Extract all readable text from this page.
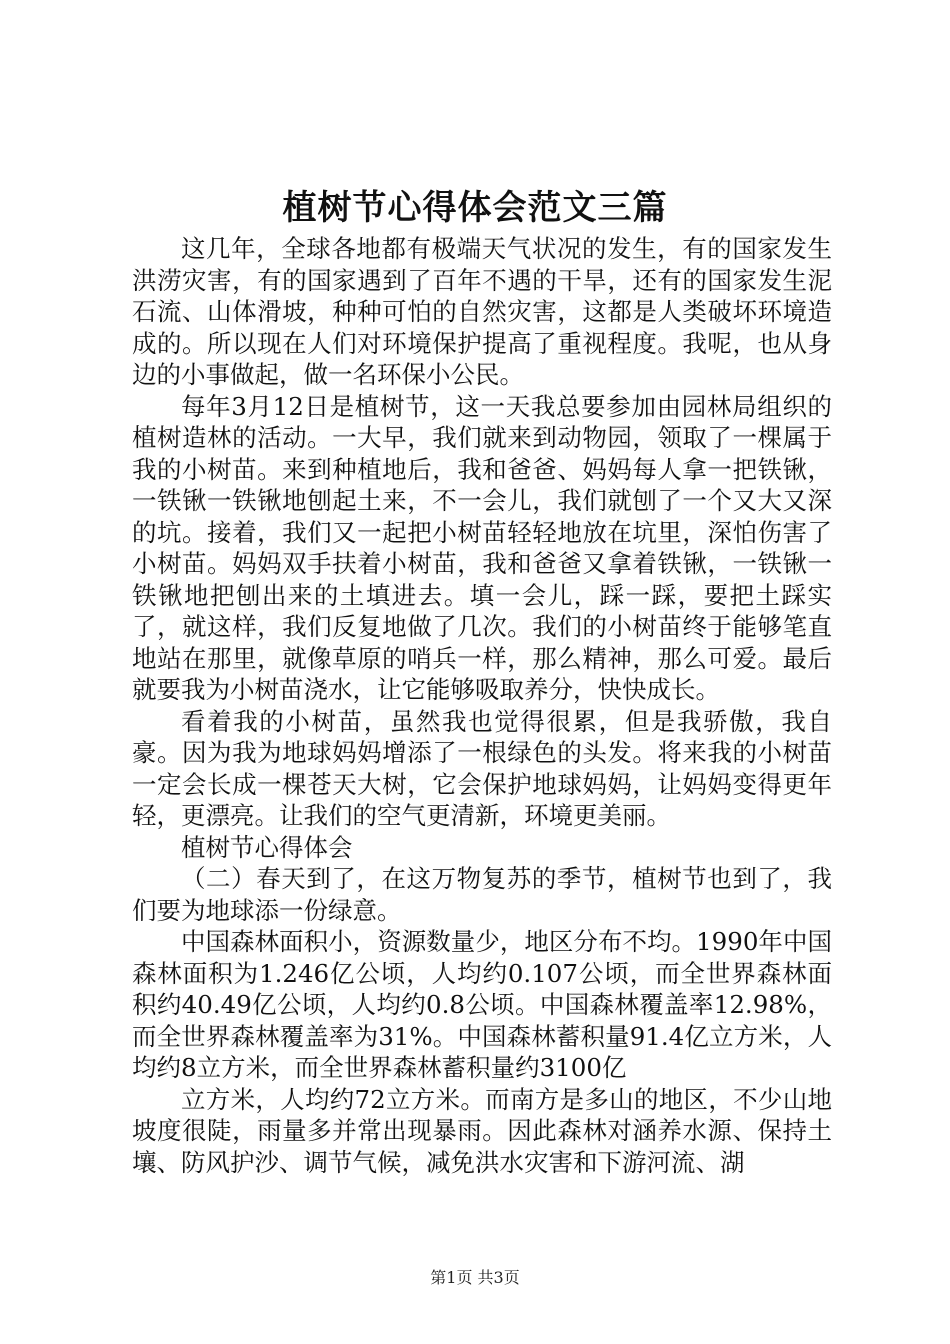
植树节心得体会范文三篇

这几年，全球各地都有极端天气状况的发生，有的国家发生洪涝灾害，有的国家遇到了百年不遇的干旱，还有的国家发生泥石流、山体滑坡，种种可怕的自然灾害，这都是人类破坏环境造成的。所以现在人们对环境保护提高了重视程度。我呢，也从身边的小事做起，做一名环保小公民。

每年3月12日是植树节，这一天我总要参加由园林局组织的植树造林的活动。一大早，我们就来到动物园，领取了一棵属于我的小树苗。来到种植地后，我和爸爸、妈妈每人拿一把铁锹，一铁锹一铁锹地刨起土来，不一会儿，我们就刨了一个又大又深的坑。接着，我们又一起把小树苗轻轻地放在坑里，深怕伤害了小树苗。妈妈双手扶着小树苗，我和爸爸又拿着铁锹，一铁锹一铁锹地把刨出来的土填进去。填一会儿，踩一踩，要把土踩实了，就这样，我们反复地做了几次。我们的小树苗终于能够笔直地站在那里，就像草原的哨兵一样，那么精神，那么可爱。最后就要我为小树苗浇水，让它能够吸取养分，快快成长。

看着我的小树苗，虽然我也觉得很累，但是我骄傲，我自豪。因为我为地球妈妈增添了一根绿色的头发。将来我的小树苗一定会长成一棵苍天大树，它会保护地球妈妈，让妈妈变得更年轻，更漂亮。让我们的空气更清新，环境更美丽。

植树节心得体会

（二）春天到了，在这万物复苏的季节，植树节也到了，我们要为地球添一份绿意。

中国森林面积小，资源数量少，地区分布不均。1990年中国森林面积为1.246亿公顷，人均约0.107公顷，而全世界森林面积约40.49亿公顷，人均约0.8公顷。中国森林覆盖率12.98%，而全世界森林覆盖率为31%。中国森林蓄积量91.4亿立方米，人均约8立方米，而全世界森林蓄积量约3100亿

立方米，人均约72立方米。而南方是多山的地区，不少山地坡度很陡，雨量多并常出现暴雨。因此森林对涵养水源、保持土壤、防风护沙、调节气候，减免洪水灾害和下游河流、湖

第1页 共3页
